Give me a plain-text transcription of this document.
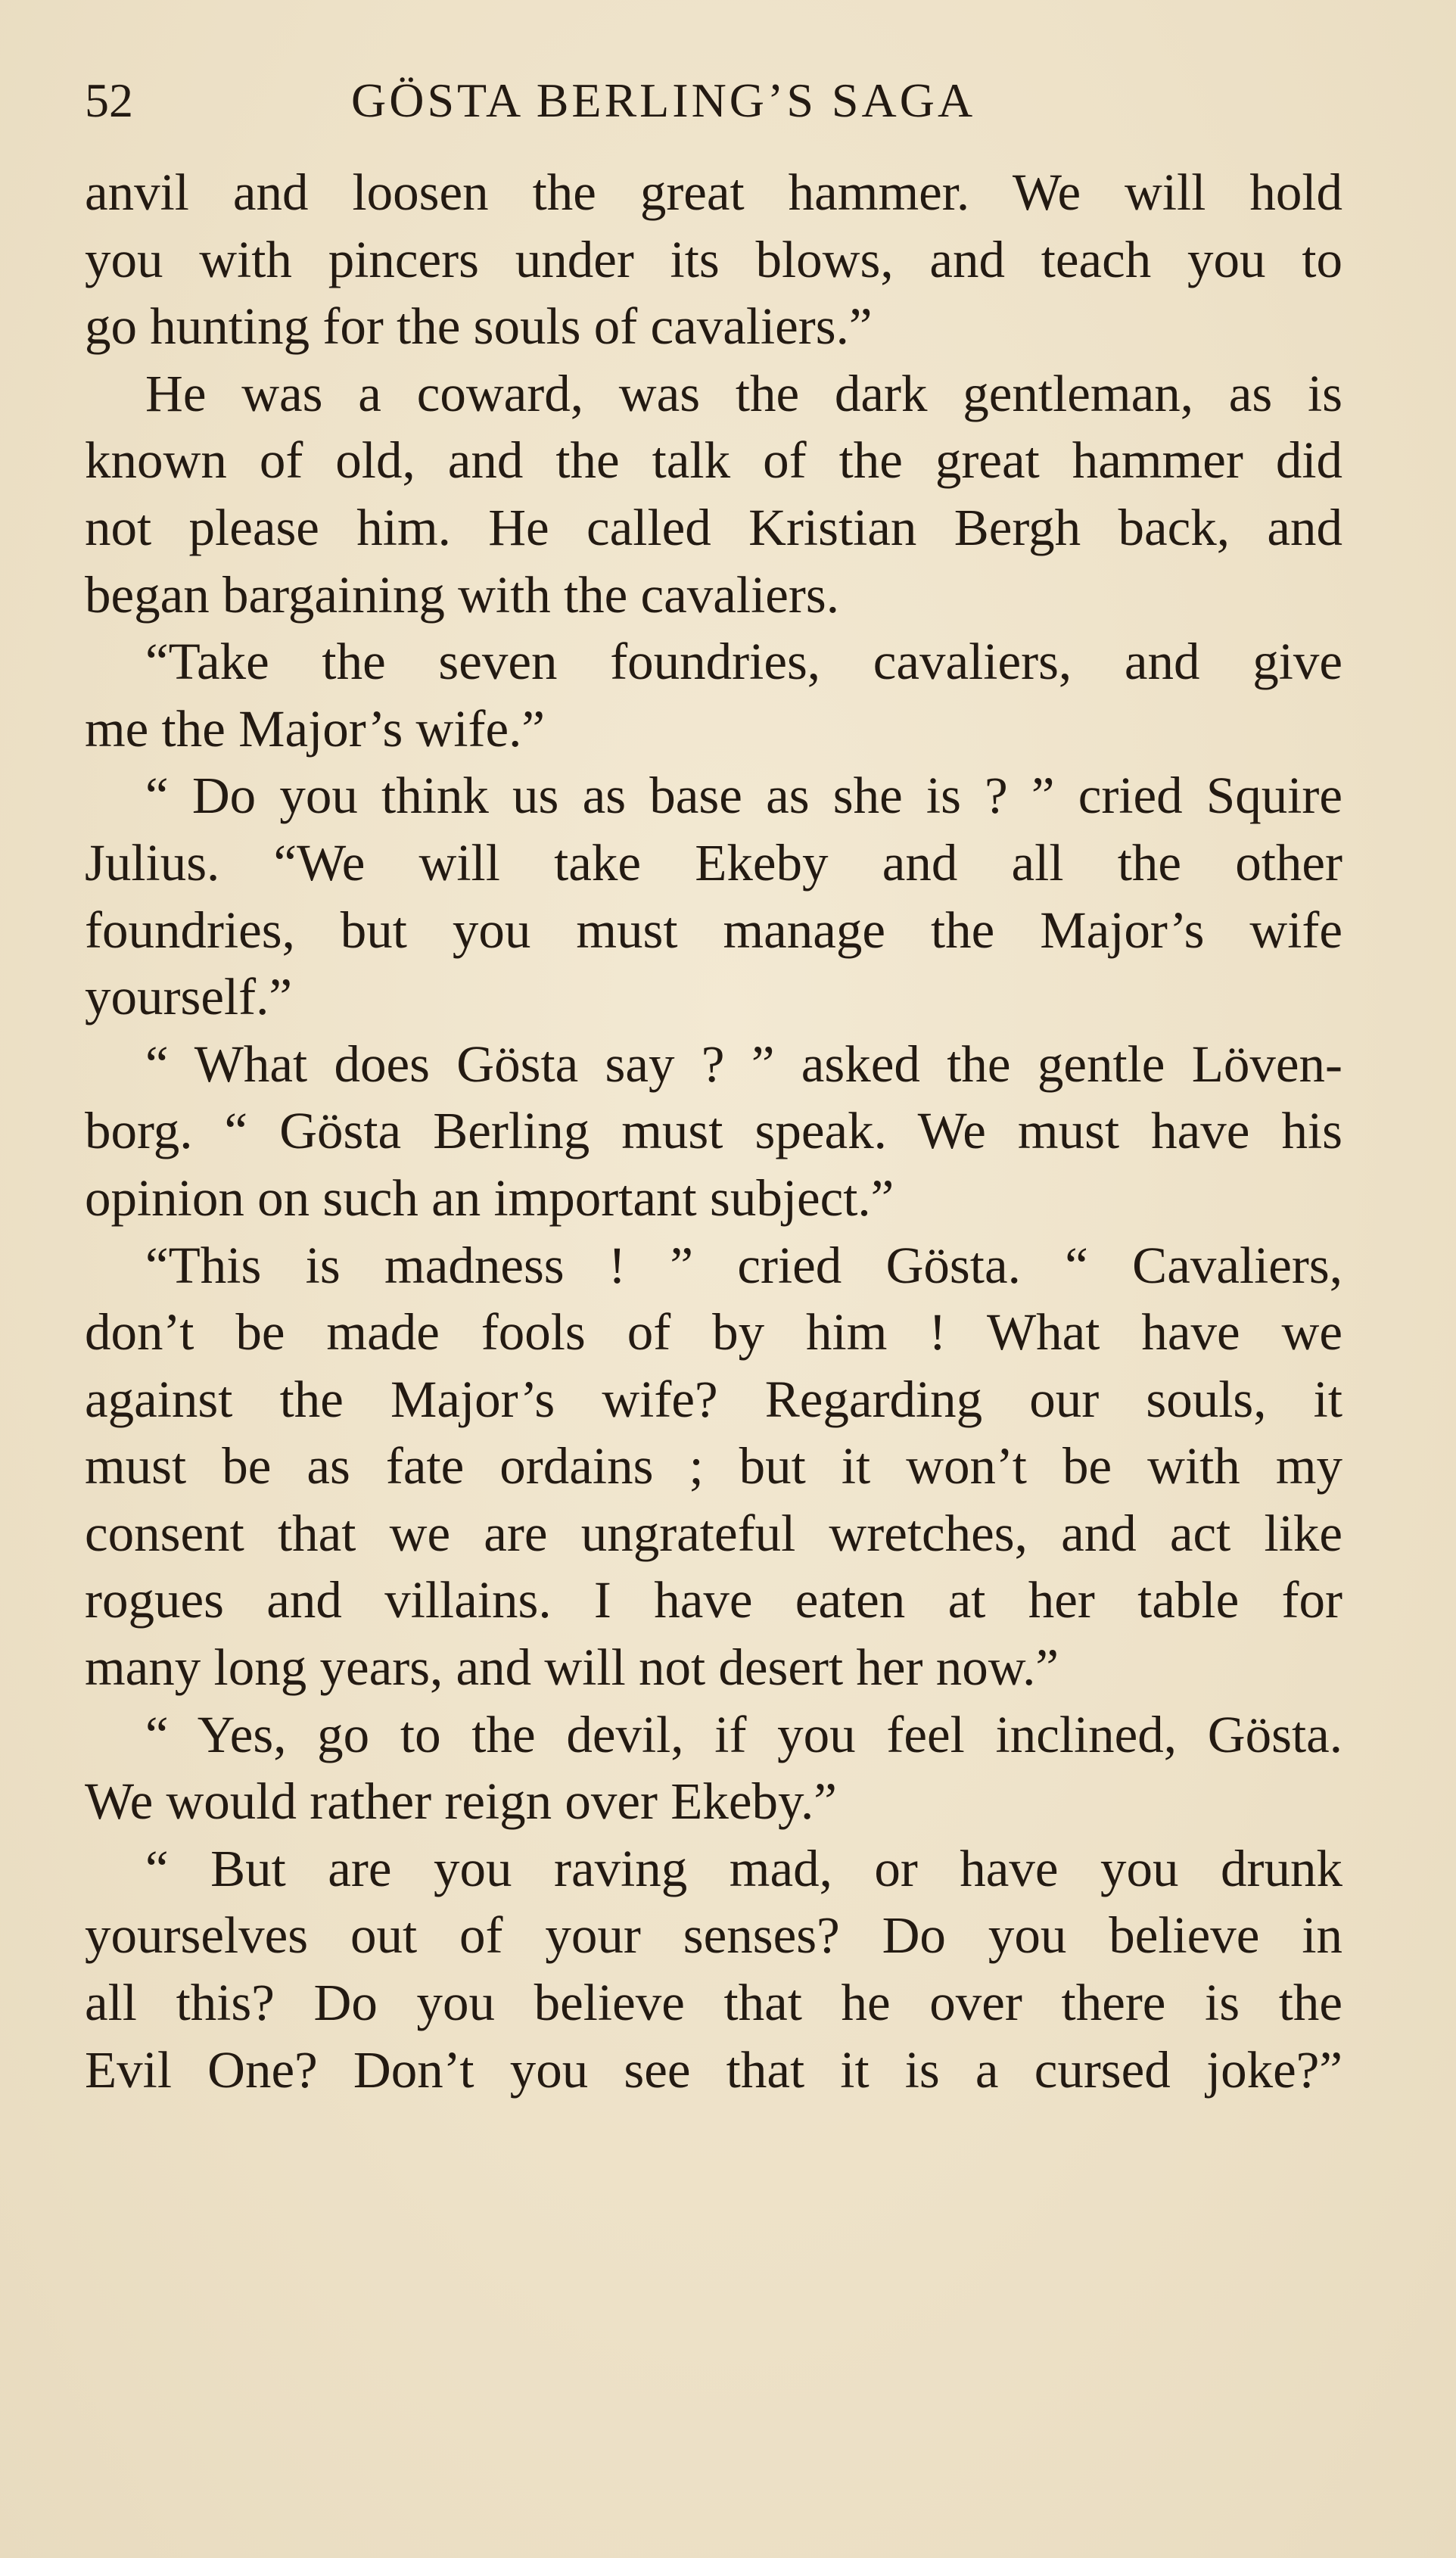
52	GÖSTA BERLING’S SAGA
anvil and loosen the great hammer. We will hold
you with pincers under its blows, and teach you to
go hunting for the souls of cavaliers.”
He was a coward, was the dark gentleman, as is
known of old, and the talk of the great hammer did
not please him. He called Kristian Bergh back, and
began bargaining with the cavaliers.
“Take the seven foundries, cavaliers, and give
me the Major’s wife.”
“ Do you think us as base as she is ? ” cried Squire
Julius. “We will take Ekeby and all the other
foundries, but you must manage the Major’s wife
yourself.”
“ What does Gösta say ? ” asked the gentle Löven-
borg. “ Gösta Berling must speak. We must have his
opinion on such an important subject.”
“This is madness ! ” cried Gösta. “ Cavaliers,
don’t be made fools of by him ! What have we
against the Major’s wife? Regarding our souls, it
must be as fate ordains ; but it won’t be with my
consent that we are ungrateful wretches, and act like
rogues and villains. I have eaten at her table for
many long years, and will not desert her now.”
“ Yes, go to the devil, if you feel inclined, Gösta.
We would rather reign over Ekeby.”
“ But are you raving mad, or have you drunk
yourselves out of your senses? Do you believe in
all this? Do you believe that he over there is the
Evil One? Don’t you see that it is a cursed joke?”
